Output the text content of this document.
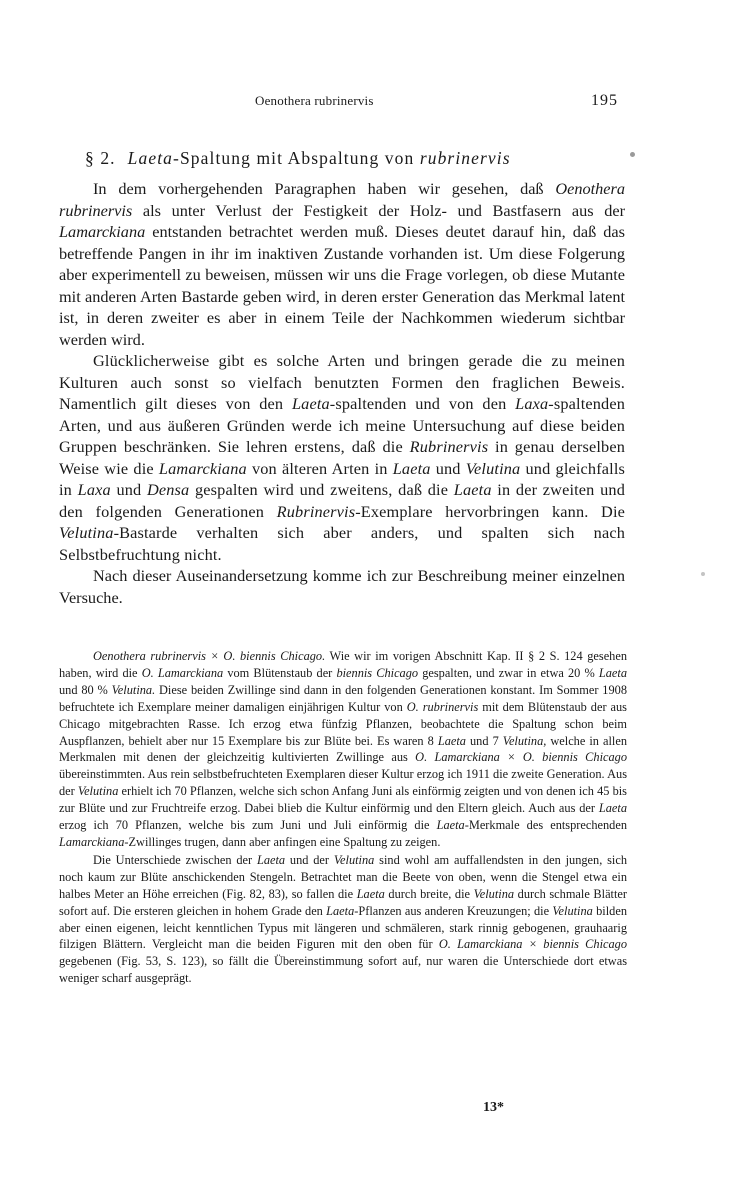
Oenothera rubrinervis	195
§ 2. Laeta-Spaltung mit Abspaltung von rubrinervis

In dem vorhergehenden Paragraphen haben wir gesehen, daß Oenothera rubrinervis als unter Verlust der Festigkeit der Holz- und Bastfasern aus der Lamarckiana entstanden betrachtet werden muß. Dieses deutet darauf hin, daß das betreffende Pangen in ihr im inaktiven Zustande vorhanden ist. Um diese Folgerung aber experimentell zu beweisen, müssen wir uns die Frage vorlegen, ob diese Mutante mit anderen Arten Bastarde geben wird, in deren erster Generation das Merkmal latent ist, in deren zweiter es aber in einem Teile der Nachkommen wiederum sichtbar werden wird.

Glücklicherweise gibt es solche Arten und bringen gerade die zu meinen Kulturen auch sonst so vielfach benutzten Formen den fraglichen Beweis. Namentlich gilt dieses von den Laeta-spaltenden und von den Laxa-spaltenden Arten, und aus äußeren Gründen werde ich meine Untersuchung auf diese beiden Gruppen beschränken. Sie lehren erstens, daß die Rubrinervis in genau derselben Weise wie die Lamarckiana von älteren Arten in Laeta und Velutina und gleichfalls in Laxa und Densa gespalten wird und zweitens, daß die Laeta in der zweiten und den folgenden Generationen Rubrinervis-Exemplare hervorbringen kann. Die Velutina-Bastarde verhalten sich aber anders, und spalten sich nach Selbstbefruchtung nicht.

Nach dieser Auseinandersetzung komme ich zur Beschreibung meiner einzelnen Versuche.

Oenothera rubrinervis × O. biennis Chicago. Wie wir im vorigen Abschnitt Kap. II § 2 S. 124 gesehen haben, wird die O. Lamarckiana vom Blütenstaub der biennis Chicago gespalten, und zwar in etwa 20 % Laeta und 80 % Velutina. Diese beiden Zwillinge sind dann in den folgenden Generationen konstant. Im Sommer 1908 befruchtete ich Exemplare meiner damaligen einjährigen Kultur von O. rubrinervis mit dem Blütenstaub der aus Chicago mitgebrachten Rasse. Ich erzog etwa fünfzig Pflanzen, beobachtete die Spaltung schon beim Auspflanzen, behielt aber nur 15 Exemplare bis zur Blüte bei. Es waren 8 Laeta und 7 Velutina, welche in allen Merkmalen mit denen der gleichzeitig kultivierten Zwillinge aus O. Lamarckiana × O. biennis Chicago übereinstimmten. Aus rein selbstbefruchteten Exemplaren dieser Kultur erzog ich 1911 die zweite Generation. Aus der Velutina erhielt ich 70 Pflanzen, welche sich schon Anfang Juni als einförmig zeigten und von denen ich 45 bis zur Blüte und zur Fruchtreife erzog. Dabei blieb die Kultur einförmig und den Eltern gleich. Auch aus der Laeta erzog ich 70 Pflanzen, welche bis zum Juni und Juli einförmig die Laeta-Merkmale des entsprechenden Lamarckiana-Zwillinges trugen, dann aber anfingen eine Spaltung zu zeigen.

Die Unterschiede zwischen der Laeta und der Velutina sind wohl am auffallendsten in den jungen, sich noch kaum zur Blüte anschickenden Stengeln. Betrachtet man die Beete von oben, wenn die Stengel etwa ein halbes Meter an Höhe erreichen (Fig. 82, 83), so fallen die Laeta durch breite, die Velutina durch schmale Blätter sofort auf. Die ersteren gleichen in hohem Grade den Laeta-Pflanzen aus anderen Kreuzungen; die Velutina bilden aber einen eigenen, leicht kenntlichen Typus mit längeren und schmäleren, stark rinnig gebogenen, grauhaarig filzigen Blättern. Vergleicht man die beiden Figuren mit den oben für O. Lamarckiana × biennis Chicago gegebenen (Fig. 53, S. 123), so fällt die Übereinstimmung sofort auf, nur waren die Unterschiede dort etwas weniger scharf ausgeprägt.

13*
